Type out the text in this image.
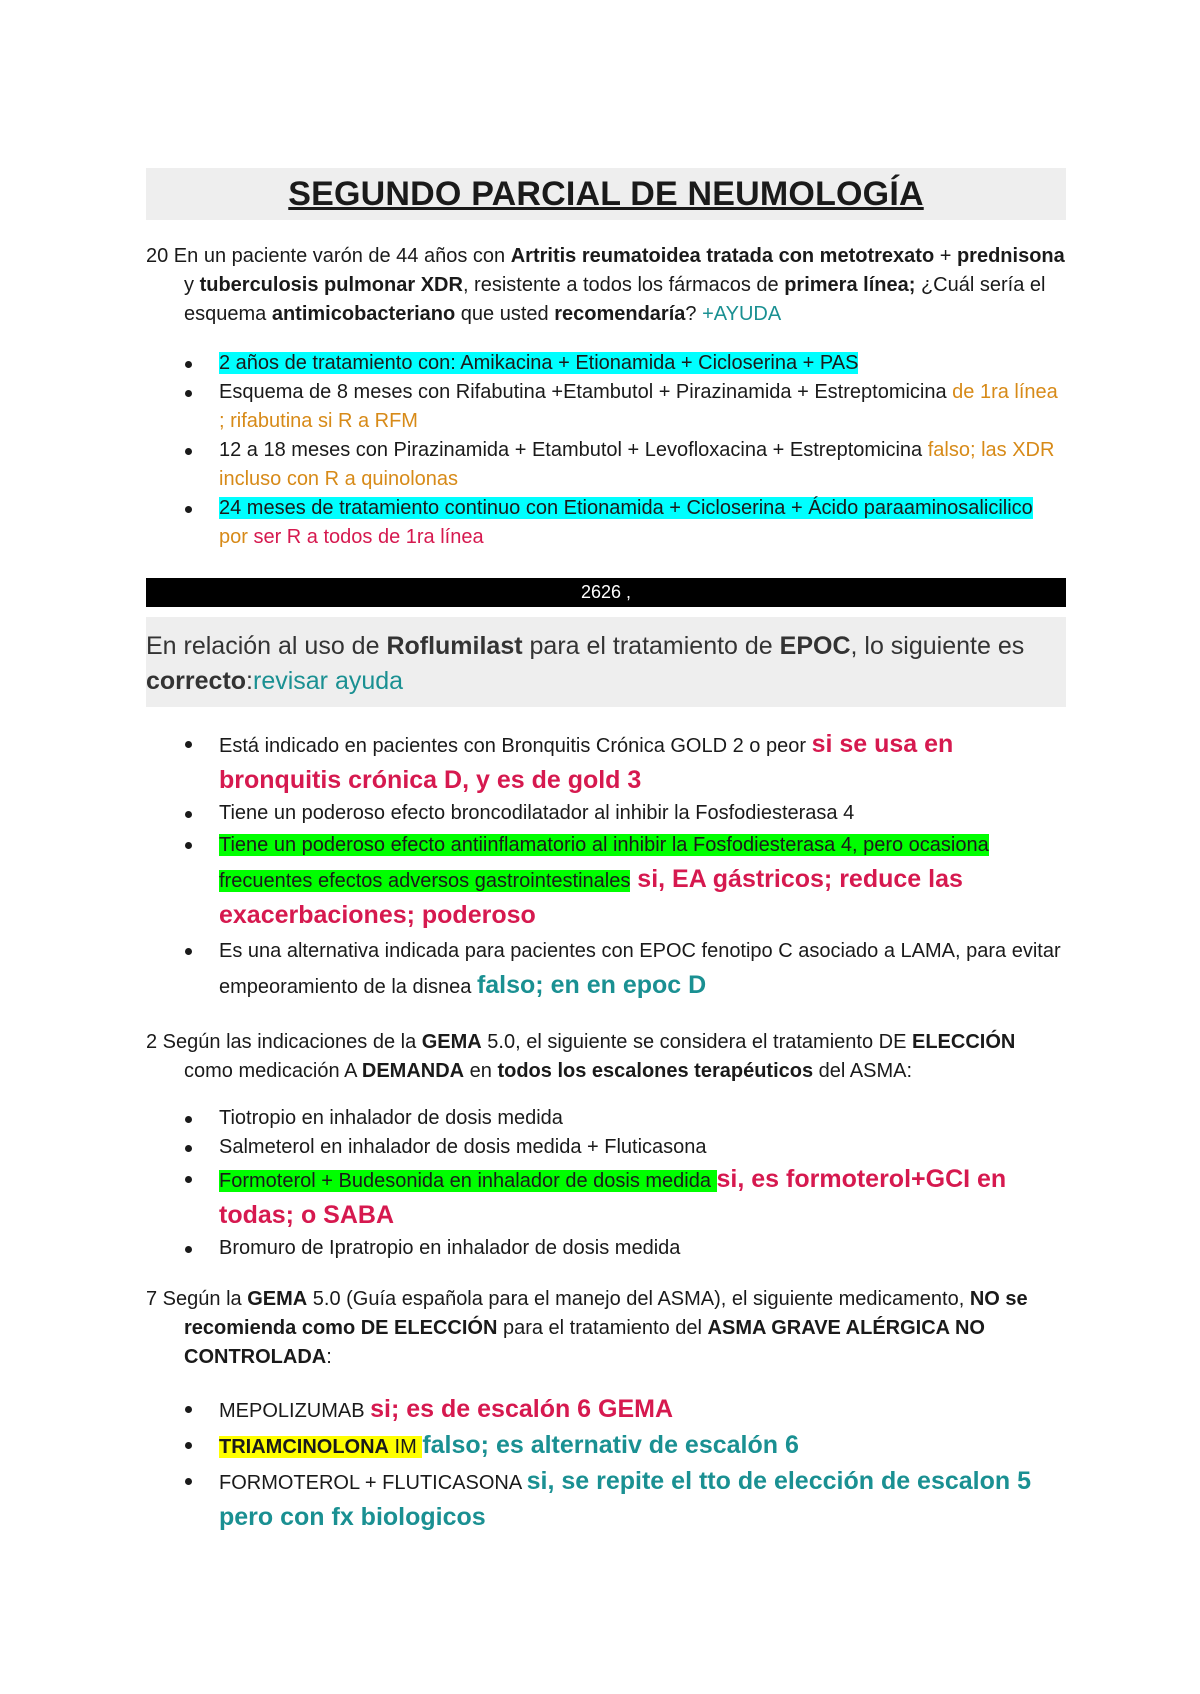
SEGUNDO PARCIAL DE NEUMOLOGÍA

20 En un paciente varón de 44 años con Artritis reumatoidea tratada con metotrexato + prednisona y tuberculosis pulmonar XDR, resistente a todos los fármacos de primera línea; ¿Cuál sería el esquema antimicobacteriano que usted recomendaría? +AYUDA

2 años de tratamiento con: Amikacina + Etionamida + Cicloserina + PAS
Esquema de 8 meses con Rifabutina +Etambutol + Pirazinamida + Estreptomicina de 1ra línea ; rifabutina si R a RFM
12 a 18 meses con Pirazinamida + Etambutol + Levofloxacina + Estreptomicina falso; las XDR incluso con R a quinolonas
24 meses de tratamiento continuo con Etionamida + Cicloserina + Ácido paraaminosalicilico por ser R a todos de 1ra línea
2626 ,
En relación al uso de Roflumilast para el tratamiento de EPOC, lo siguiente es correcto:revisar ayuda
Está indicado en pacientes con Bronquitis Crónica GOLD 2 o peor si se usa en bronquitis crónica D, y es de gold 3
Tiene un poderoso efecto broncodilatador al inhibir la Fosfodiesterasa 4
Tiene un poderoso efecto antiinflamatorio al inhibir la Fosfodiesterasa 4, pero ocasiona frecuentes efectos adversos gastrointestinales si, EA gástricos; reduce las exacerbaciones; poderoso
Es una alternativa indicada para pacientes con EPOC fenotipo C asociado a LAMA, para evitar empeoramiento de la disnea falso; en en epoc D

2 Según las indicaciones de la GEMA 5.0, el siguiente se considera el tratamiento DE ELECCIÓN como medicación A DEMANDA en todos los escalones terapéuticos del ASMA:

Tiotropio en inhalador de dosis medida
Salmeterol en inhalador de dosis medida + Fluticasona
Formoterol + Budesonida en inhalador de dosis medida si, es formoterol+GCI en todas; o SABA
Bromuro de Ipratropio en inhalador de dosis medida

7 Según la GEMA 5.0 (Guía española para el manejo del ASMA), el siguiente medicamento, NO se recomienda como DE ELECCIÓN para el tratamiento del ASMA GRAVE ALÉRGICA NO CONTROLADA:

MEPOLIZUMAB si; es de escalón 6 GEMA
TRIAMCINOLONA IM falso; es alternativ de escalón 6
FORMOTEROL + FLUTICASONA si, se repite el tto de elección de escalon 5 pero con fx biologicos
